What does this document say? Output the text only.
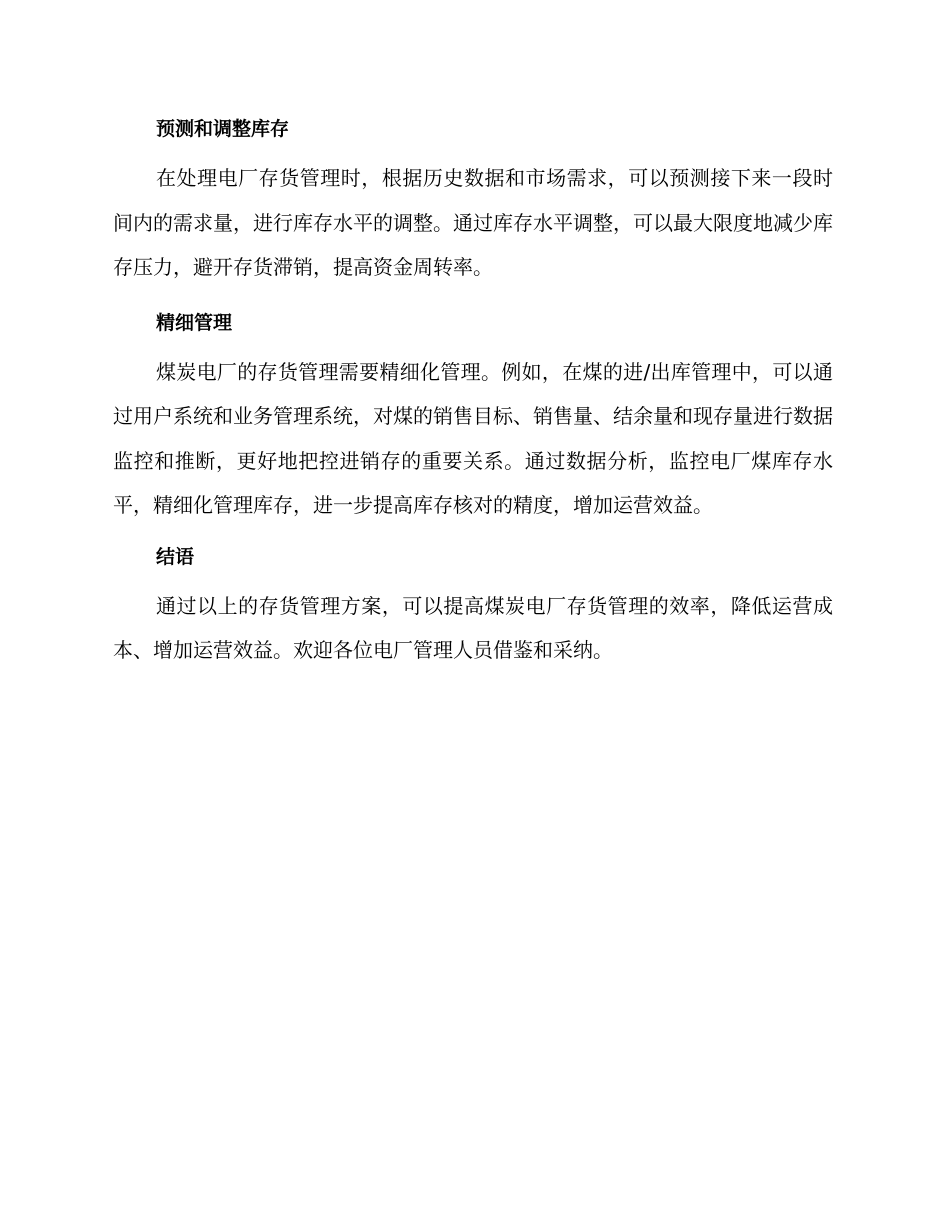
预测和调整库存

在处理电厂存货管理时，根据历史数据和市场需求，可以预测接下来一段时间内的需求量，进行库存水平的调整。通过库存水平调整，可以最大限度地减少库存压力，避开存货滞销，提高资金周转率。

精细管理

煤炭电厂的存货管理需要精细化管理。例如，在煤的进/出库管理中，可以通过用户系统和业务管理系统，对煤的销售目标、销售量、结余量和现存量进行数据监控和推断，更好地把控进销存的重要关系。通过数据分析，监控电厂煤库存水平，精细化管理库存，进一步提高库存核对的精度，增加运营效益。

结语

通过以上的存货管理方案，可以提高煤炭电厂存货管理的效率，降低运营成本、增加运营效益。欢迎各位电厂管理人员借鉴和采纳。
